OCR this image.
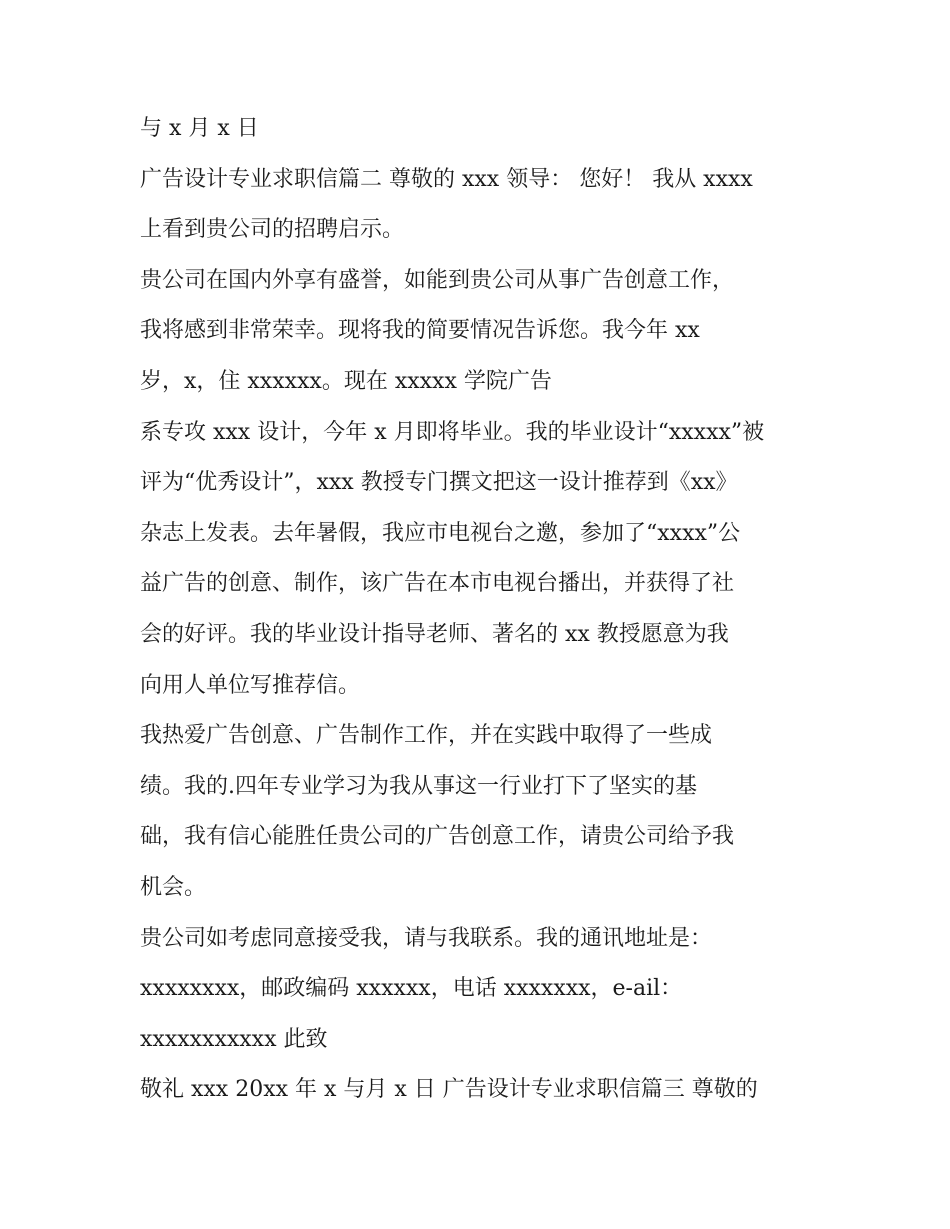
与 x 月 x 日
广告设计专业求职信篇二 尊敬的 xxx 领导： 您好！ 我从 xxxx
上看到贵公司的招聘启示。
贵公司在国内外享有盛誉，如能到贵公司从事广告创意工作，
我将感到非常荣幸。现将我的简要情况告诉您。我今年 xx
岁，x，住 xxxxxx。现在 xxxxx 学院广告
系专攻 xxx 设计，今年 x 月即将毕业。我的毕业设计“xxxxx”被
评为“优秀设计”，xxx 教授专门撰文把这一设计推荐到《xx》
杂志上发表。去年暑假，我应市电视台之邀，参加了“xxxx”公
益广告的创意、制作，该广告在本市电视台播出，并获得了社
会的好评。我的毕业设计指导老师、著名的 xx 教授愿意为我
向用人单位写推荐信。
我热爱广告创意、广告制作工作，并在实践中取得了一些成
绩。我的.四年专业学习为我从事这一行业打下了坚实的基
础，我有信心能胜任贵公司的广告创意工作，请贵公司给予我
机会。
贵公司如考虑同意接受我，请与我联系。我的通讯地址是：
xxxxxxxx，邮政编码 xxxxxx，电话 xxxxxxx，e-ail：
xxxxxxxxxxx 此致
敬礼 xxx 20xx 年 x 与月 x 日 广告设计专业求职信篇三 尊敬的
